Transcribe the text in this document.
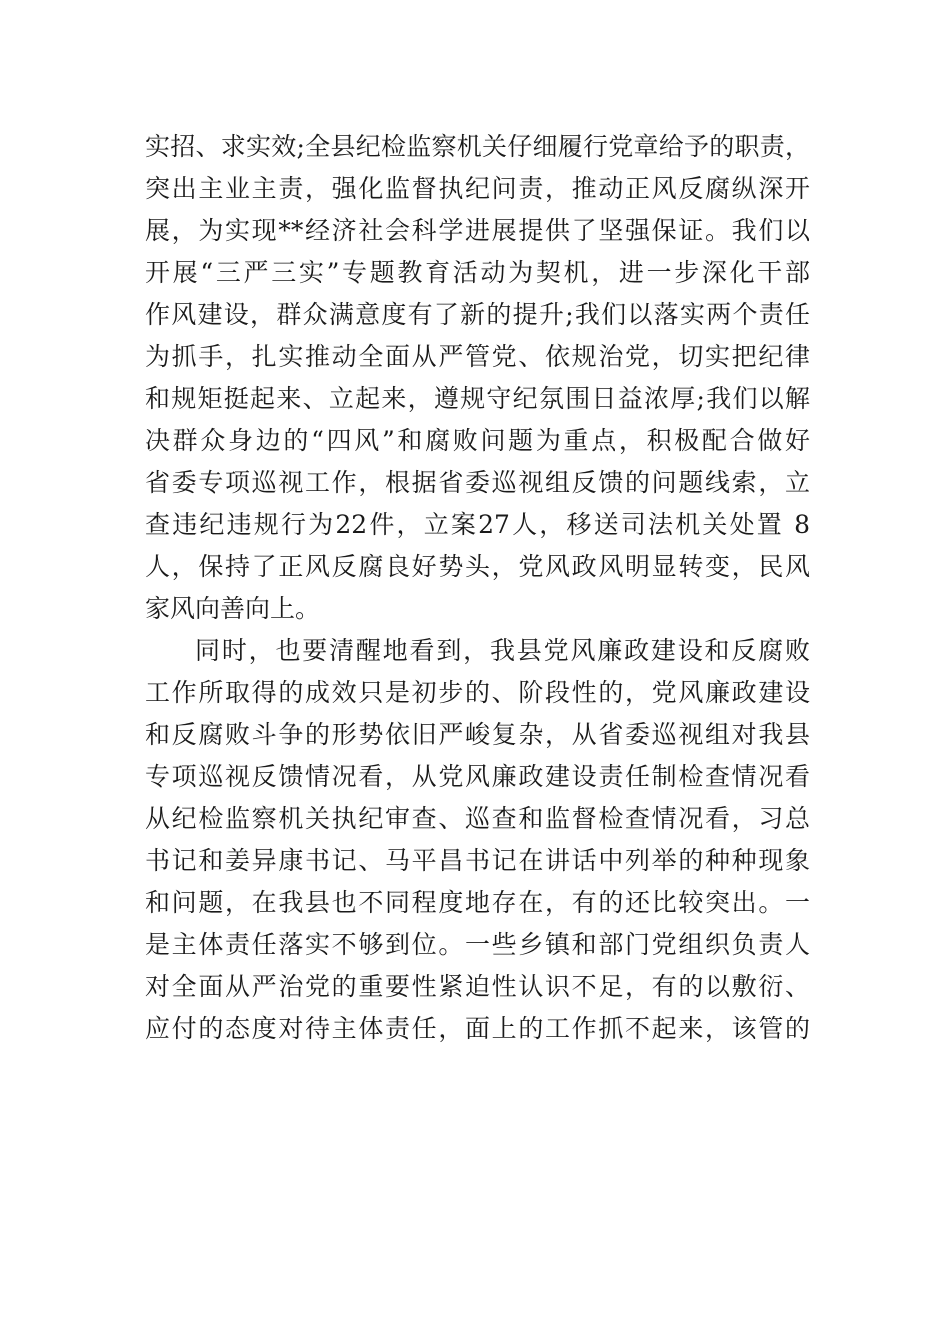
实招、求实效;全县纪检监察机关仔细履行党章给予的职责，
突出主业主责，强化监督执纪问责，推动正风反腐纵深开
展，为实现**经济社会科学进展提供了坚强保证。我们以
开展“三严三实”专题教育活动为契机，进一步深化干部
作风建设，群众满意度有了新的提升;我们以落实两个责任
为抓手，扎实推动全面从严管党、依规治党，切实把纪律
和规矩挺起来、立起来，遵规守纪氛围日益浓厚;我们以解
决群众身边的“四风”和腐败问题为重点，积极配合做好
省委专项巡视工作，根据省委巡视组反馈的问题线索，立
查违纪违规行为22件，立案27人，移送司法机关处置 8
人，保持了正风反腐良好势头，党风政风明显转变，民风
家风向善向上。
同时，也要清醒地看到，我县党风廉政建设和反腐败
工作所取得的成效只是初步的、阶段性的，党风廉政建设
和反腐败斗争的形势依旧严峻复杂，从省委巡视组对我县
专项巡视反馈情况看，从党风廉政建设责任制检查情况看
从纪检监察机关执纪审查、巡查和监督检查情况看，习总
书记和姜异康书记、马平昌书记在讲话中列举的种种现象
和问题，在我县也不同程度地存在，有的还比较突出。一
是主体责任落实不够到位。一些乡镇和部门党组织负责人
对全面从严治党的重要性紧迫性认识不足，有的以敷衍、
应付的态度对待主体责任，面上的工作抓不起来，该管的
